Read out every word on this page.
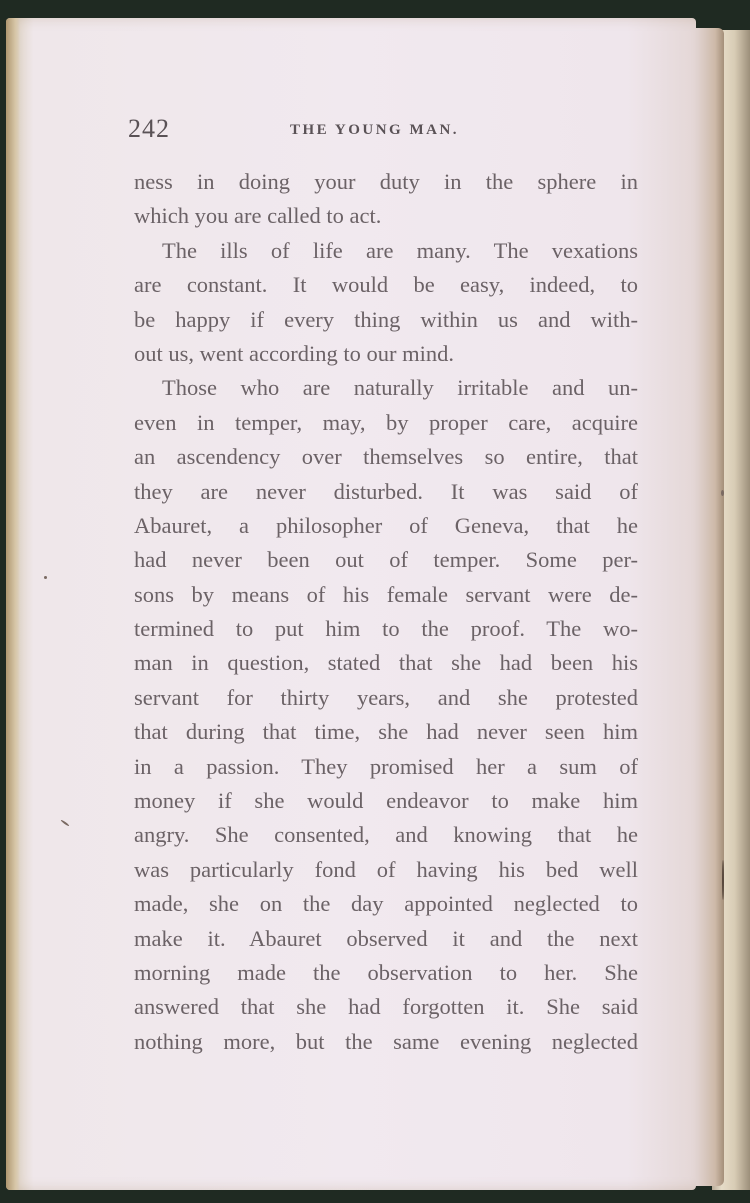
242	THE YOUNG MAN.
ness in doing your duty in the sphere in
which you are called to act.
The ills of life are many. The vexations
are constant. It would be easy, indeed, to
be happy if every thing within us and with-
out us, went according to our mind.
Those who are naturally irritable and un-
even in temper, may, by proper care, acquire
an ascendency over themselves so entire, that
they are never disturbed. It was said of
Abauret, a philosopher of Geneva, that he
had never been out of temper. Some per-
sons by means of his female servant were de-
termined to put him to the proof. The wo-
man in question, stated that she had been his
servant for thirty years, and she protested
that during that time, she had never seen him
in a passion. They promised her a sum of
money if she would endeavor to make him
angry. She consented, and knowing that he
was particularly fond of having his bed well
made, she on the day appointed neglected to
make it. Abauret observed it and the next
morning made the observation to her. She
answered that she had forgotten it. She said
nothing more, but the same evening neglected
